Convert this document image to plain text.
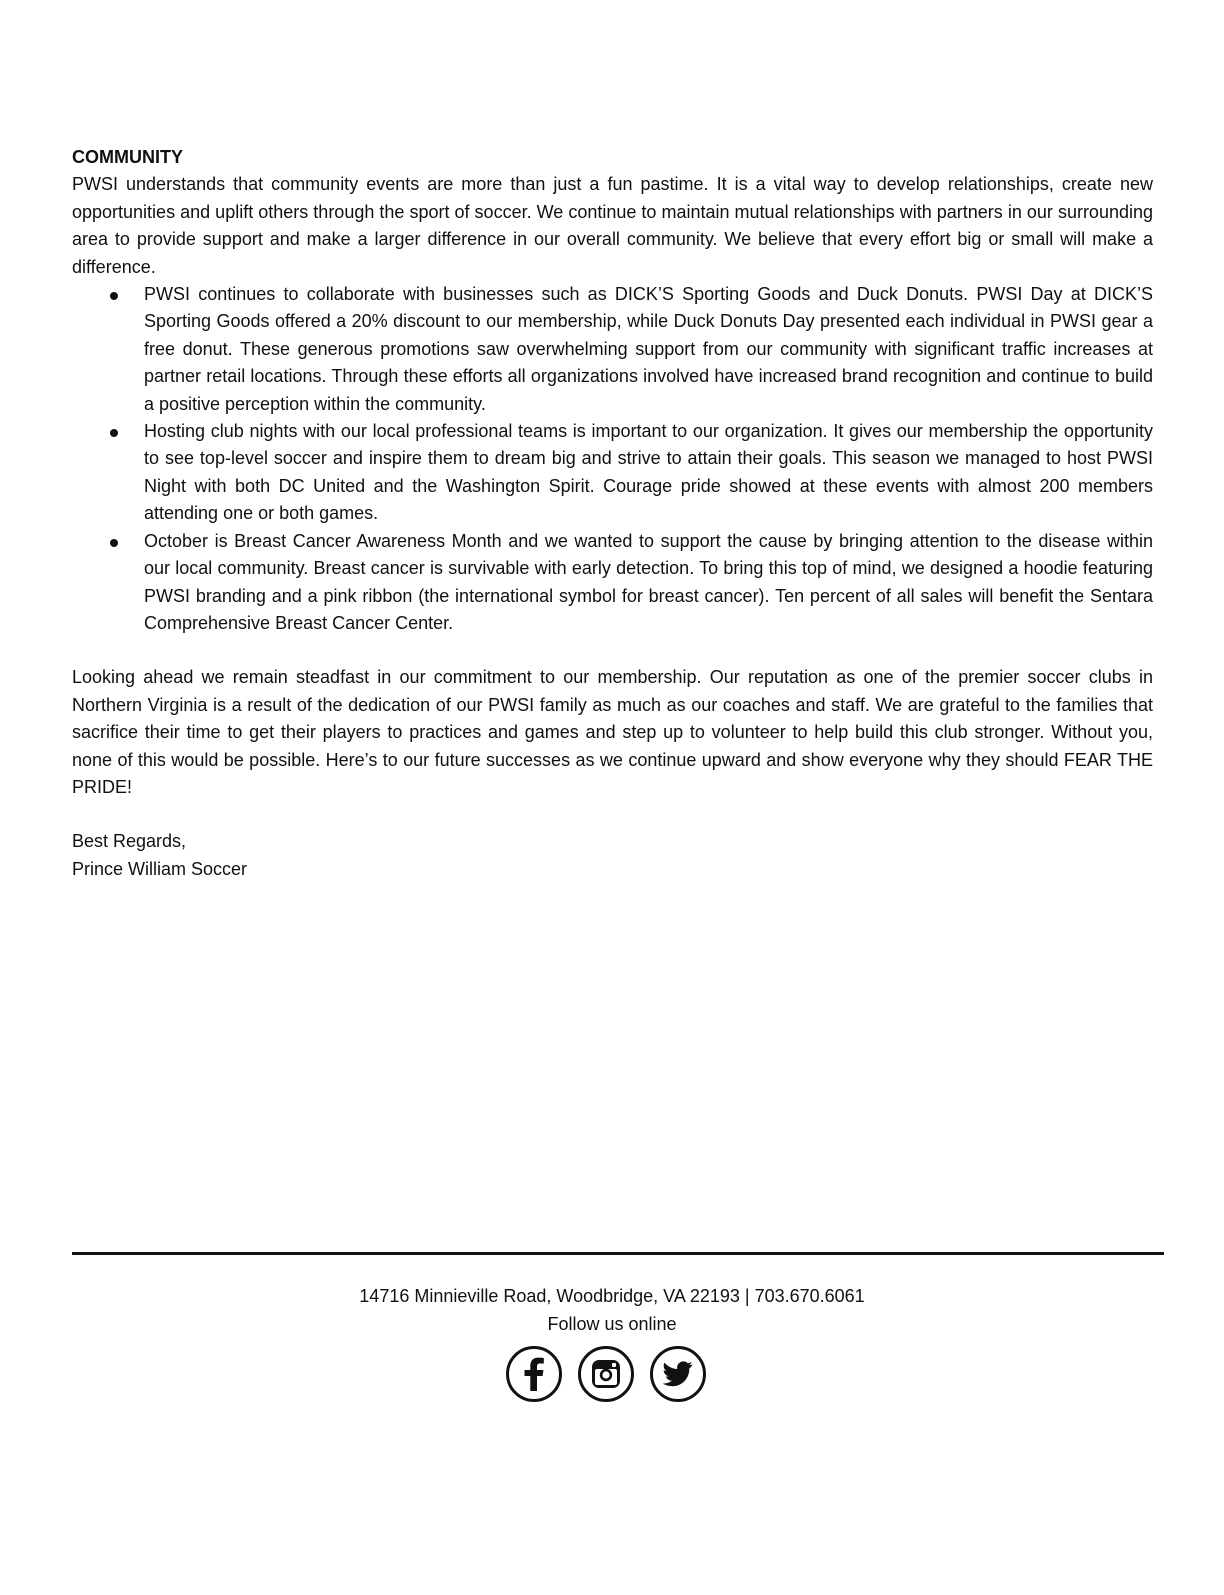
COMMUNITY

PWSI understands that community events are more than just a fun pastime. It is a vital way to develop relationships, create new opportunities and uplift others through the sport of soccer. We continue to maintain mutual relationships with partners in our surrounding area to provide support and make a larger difference in our overall community. We believe that every effort big or small will make a difference.

PWSI continues to collaborate with businesses such as DICK’S Sporting Goods and Duck Donuts. PWSI Day at DICK’S Sporting Goods offered a 20% discount to our membership, while Duck Donuts Day presented each individual in PWSI gear a free donut. These generous promotions saw overwhelming support from our community with significant traffic increases at partner retail locations. Through these efforts all organizations involved have increased brand recognition and continue to build a positive perception within the community.
Hosting club nights with our local professional teams is important to our organization. It gives our membership the opportunity to see top-level soccer and inspire them to dream big and strive to attain their goals. This season we managed to host PWSI Night with both DC United and the Washington Spirit. Courage pride showed at these events with almost 200 members attending one or both games.
October is Breast Cancer Awareness Month and we wanted to support the cause by bringing attention to the disease within our local community. Breast cancer is survivable with early detection. To bring this top of mind, we designed a hoodie featuring PWSI branding and a pink ribbon (the international symbol for breast cancer). Ten percent of all sales will benefit the Sentara Comprehensive Breast Cancer Center.

Looking ahead we remain steadfast in our commitment to our membership. Our reputation as one of the premier soccer clubs in Northern Virginia is a result of the dedication of our PWSI family as much as our coaches and staff. We are grateful to the families that sacrifice their time to get their players to practices and games and step up to volunteer to help build this club stronger. Without you, none of this would be possible. Here’s to our future successes as we continue upward and show everyone why they should FEAR THE PRIDE!

Best Regards,
Prince William Soccer
14716 Minnieville Road, Woodbridge, VA 22193 | 703.670.6061
Follow us online
